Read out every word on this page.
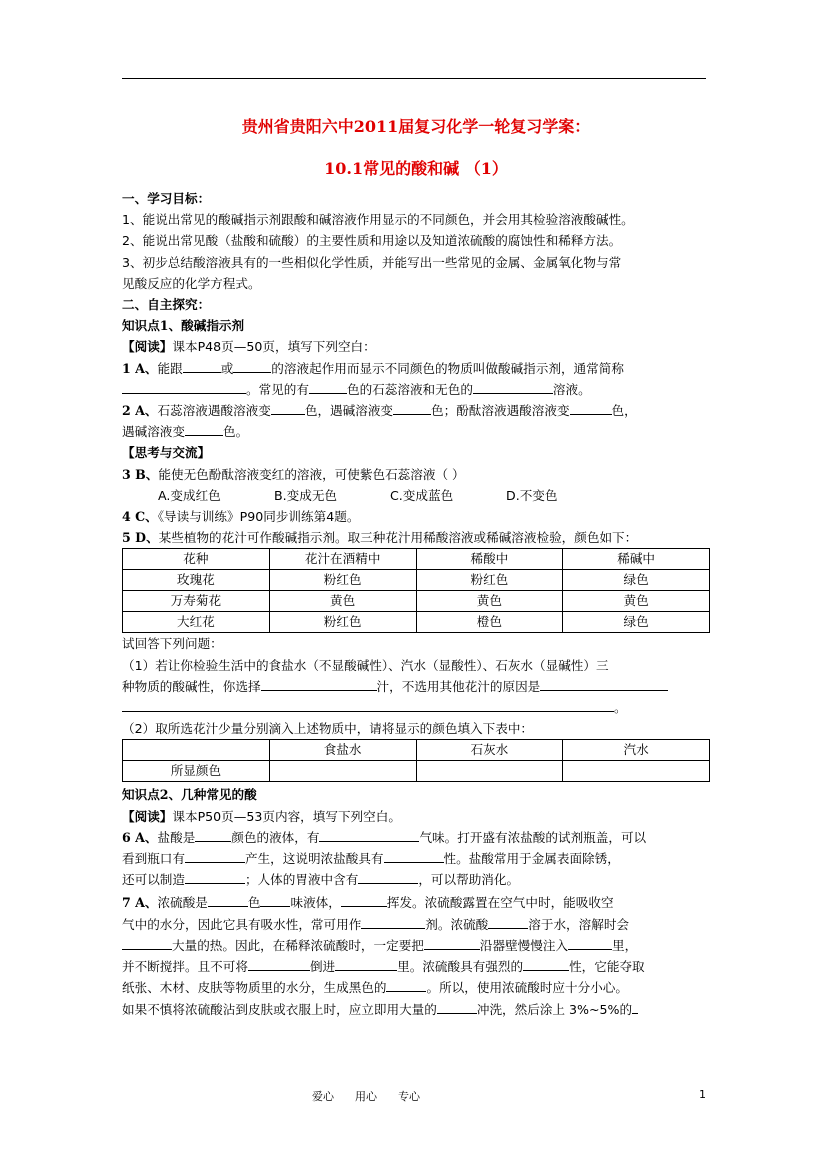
贵州省贵阳六中2011届复习化学一轮复习学案：
10.1常见的酸和碱 （1）
一、学习目标：
1、能说出常见的酸碱指示剂跟酸和碱溶液作用显示的不同颜色，并会用其检验溶液酸碱性。
2、能说出常见酸（盐酸和硫酸）的主要性质和用途以及知道浓硫酸的腐蚀性和稀释方法。
3、初步总结酸溶液具有的一些相似化学性质，并能写出一些常见的金属、金属氧化物与常
见酸反应的化学方程式。
二、自主探究：
知识点1、酸碱指示剂
【阅读】课本P48页—50页，填写下列空白：
1 A、能跟	或	的溶液起作用而显示不同颜色的物质叫做酸碱指示剂，通常简称
。常见的有	色的石蕊溶液和无色的	溶液。
2 A、石蕊溶液遇酸溶液变	色，遇碱溶液变	色；酚酞溶液遇酸溶液变	色，
遇碱溶液变	色。
【思考与交流】
3 B、能使无色酚酞溶液变红的溶液，可使紫色石蕊溶液（ ）
A.变成红色	B.变成无色	C.变成蓝色	D.不变色
4 C、《导读与训练》P90同步训练第4题。
5 D、某些植物的花汁可作酸碱指示剂。取三种花汁用稀酸溶液或稀碱溶液检验，颜色如下：
花种	花汁在酒精中	稀酸中	稀碱中
玫瑰花	粉红色	粉红色	绿色
万寿菊花	黄色	黄色	黄色
大红花	粉红色	橙色	绿色
试回答下列问题：
（1）若让你检验生活中的食盐水（不显酸碱性）、汽水（显酸性）、石灰水（显碱性）三
种物质的酸碱性，你选择	汁，不选用其他花汁的原因是
。
（2）取所选花汁少量分别滴入上述物质中，请将显示的颜色填入下表中：
	食盐水	石灰水	汽水
所显颜色			
知识点2、几种常见的酸
【阅读】课本P50页—53页内容，填写下列空白。
6 A、盐酸是	颜色的液体，有	气味。打开盛有浓盐酸的试剂瓶盖，可以
看到瓶口有	产生，这说明浓盐酸具有	性。盐酸常用于金属表面除锈，
还可以制造	；人体的胃液中含有	，可以帮助消化。
7 A、浓硫酸是	色 味液体，	挥发。浓硫酸露置在空气中时，能吸收空
气中的水分，因此它具有吸水性，常可用作	剂。浓硫酸	溶于水，溶解时会
大量的热。因此，在稀释浓硫酸时，一定要把	沿器壁慢慢注入	里，
并不断搅拌。且不可将	倒进	里。浓硫酸具有强烈的	性，它能夺取
纸张、木材、皮肤等物质里的水分，生成黑色的	。所以，使用浓硫酸时应十分小心。
如果不慎将浓硫酸沾到皮肤或衣服上时，应立即用大量的	冲洗，然后涂上 3%~5%的
爱心      用心      专心	1
